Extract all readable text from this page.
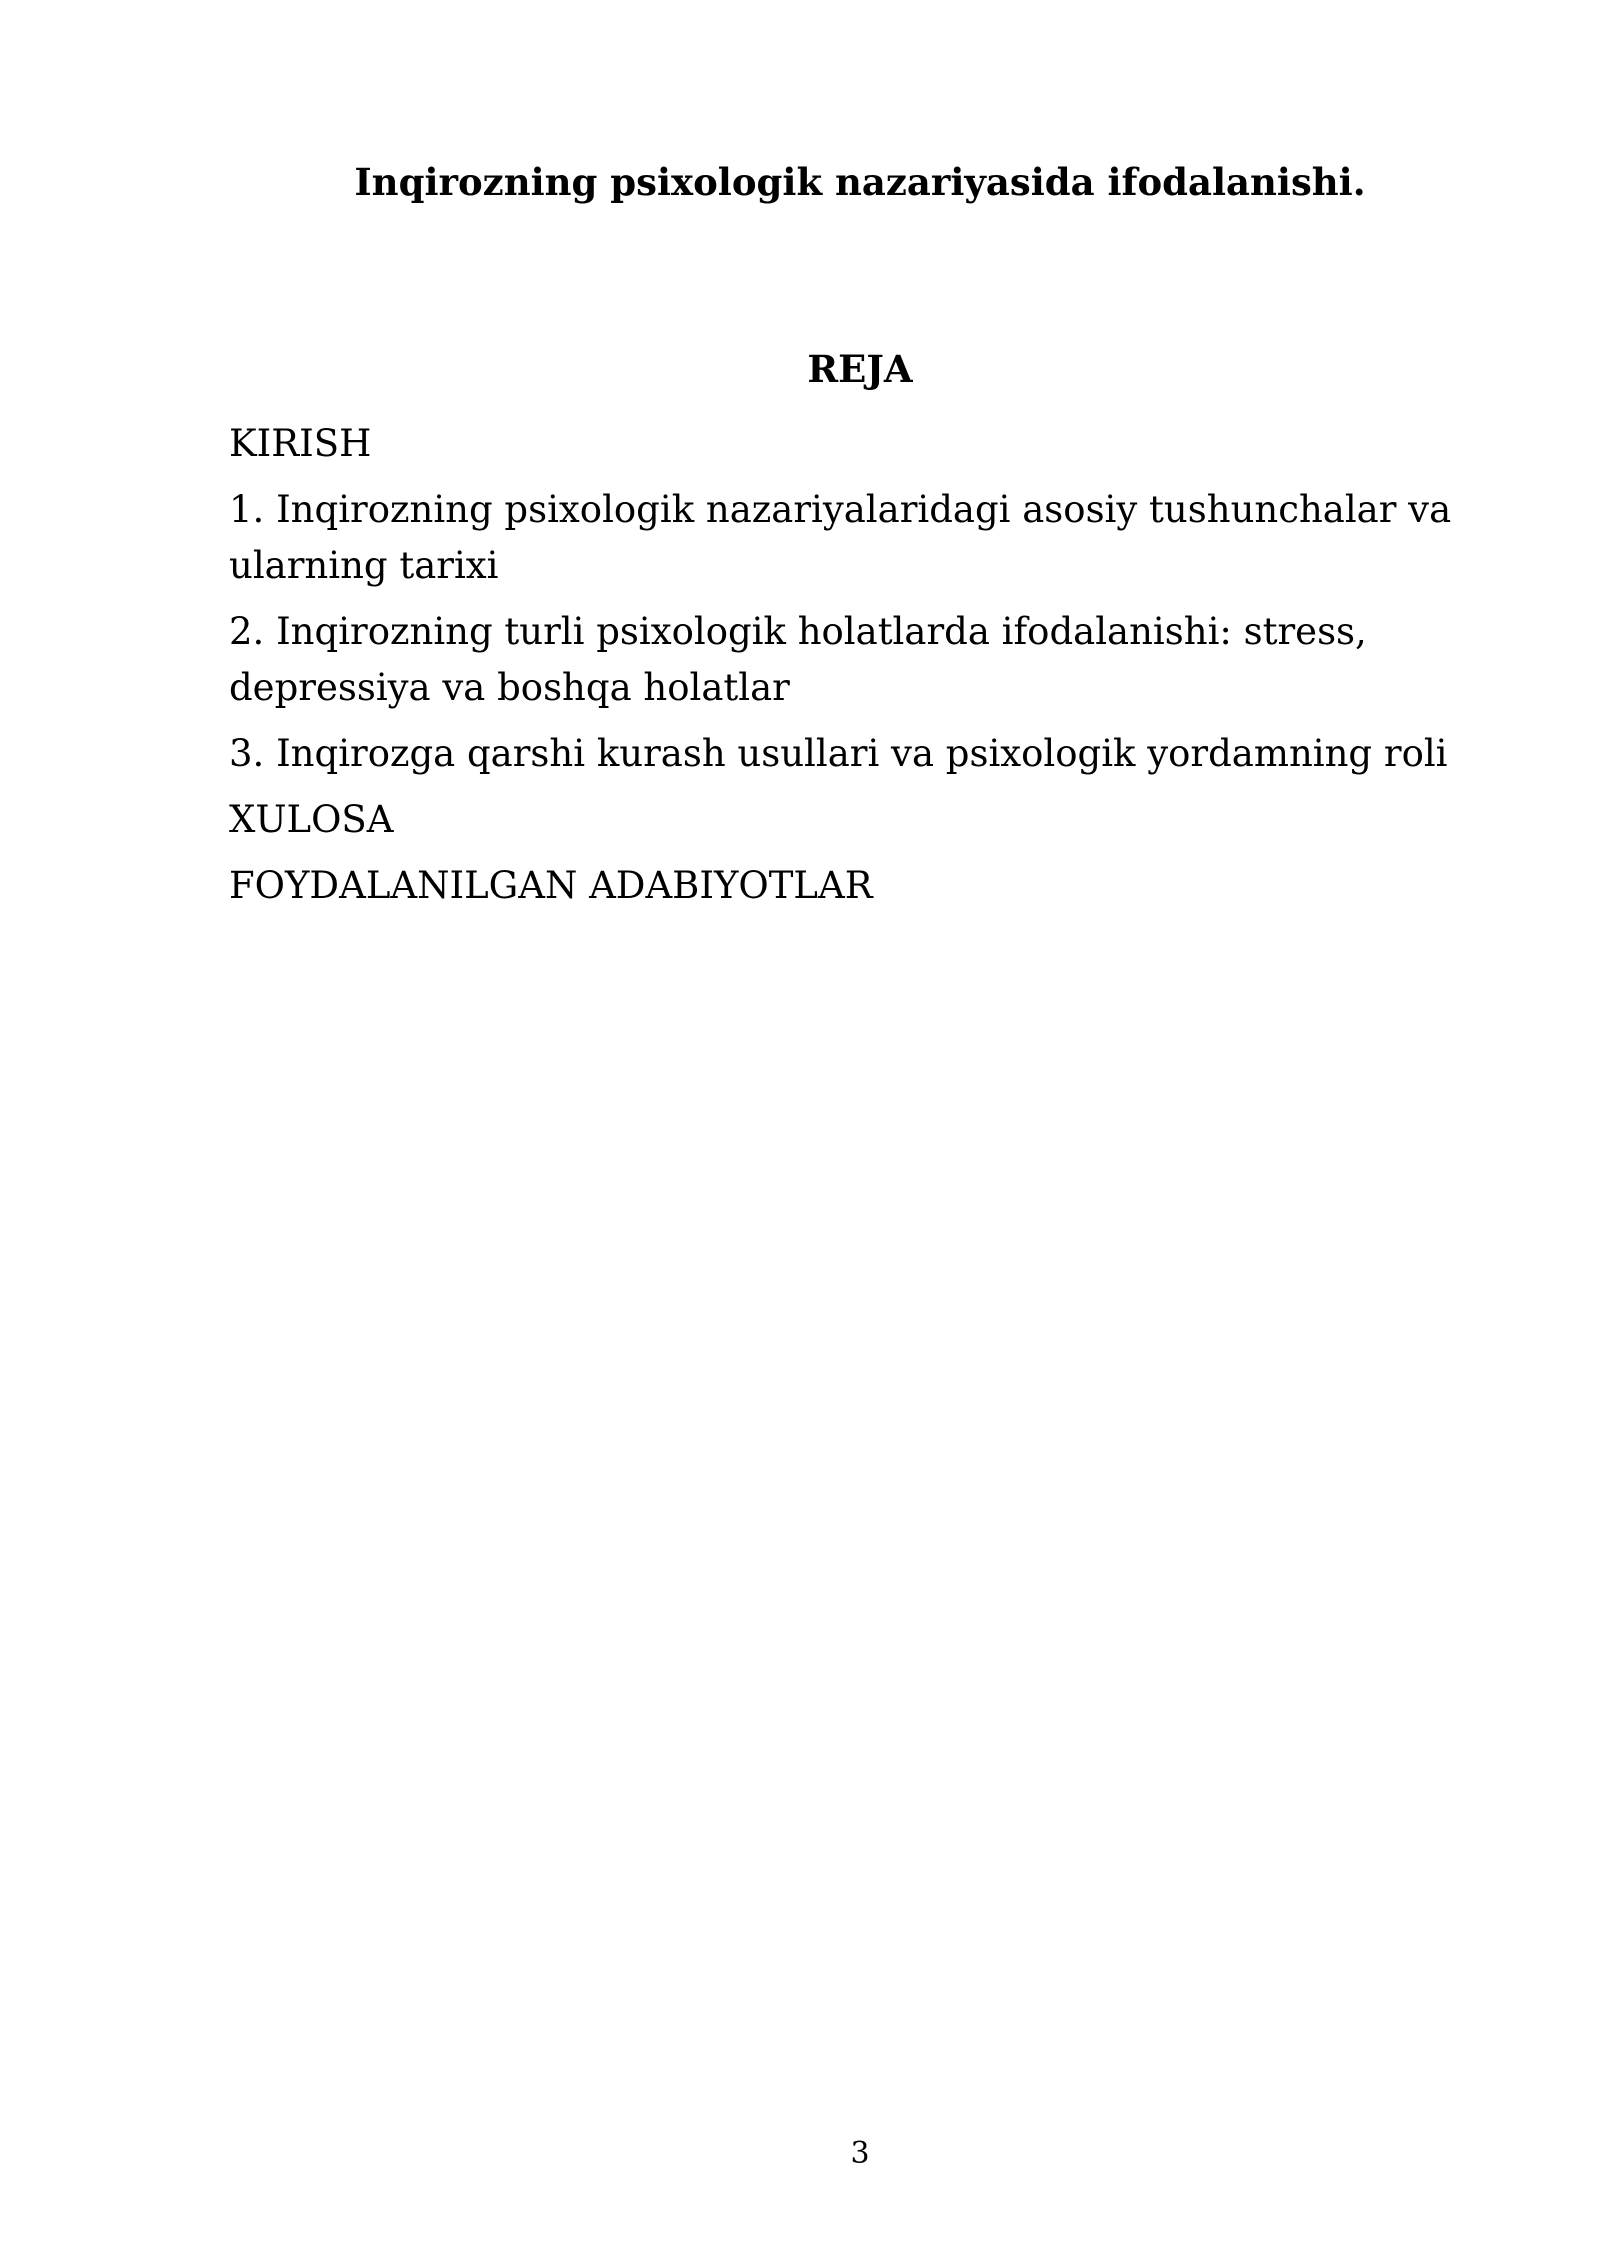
Inqirozning psixologik nazariyasida ifodalanishi.
REJA
KIRISH
1. Inqirozning psixologik nazariyalaridagi asosiy tushunchalar va ularning tarixi
2. Inqirozning turli psixologik holatlarda ifodalanishi: stress, depressiya va boshqa holatlar
3. Inqirozga qarshi kurash usullari va psixologik yordamning roli
XULOSA
FOYDALANILGAN ADABIYOTLAR
3
